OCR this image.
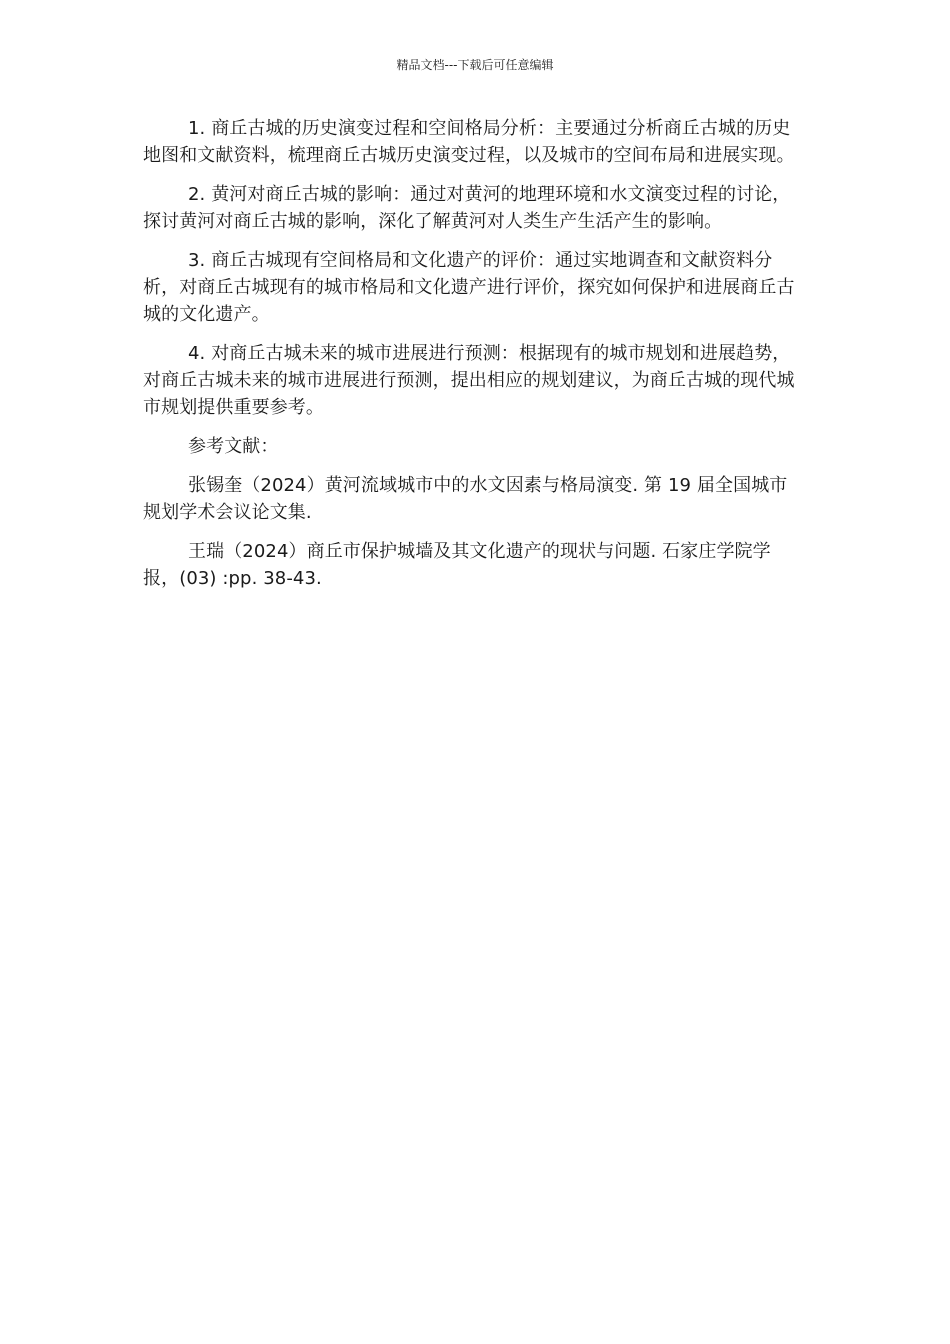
精品文档---下载后可任意编辑

1. 商丘古城的历史演变过程和空间格局分析：主要通过分析商丘古城的历史地图和文献资料，梳理商丘古城历史演变过程，以及城市的空间布局和进展实现。

2. 黄河对商丘古城的影响：通过对黄河的地理环境和水文演变过程的讨论，探讨黄河对商丘古城的影响，深化了解黄河对人类生产生活产生的影响。

3. 商丘古城现有空间格局和文化遗产的评价：通过实地调查和文献资料分析，对商丘古城现有的城市格局和文化遗产进行评价，探究如何保护和进展商丘古城的文化遗产。

4. 对商丘古城未来的城市进展进行预测：根据现有的城市规划和进展趋势，对商丘古城未来的城市进展进行预测，提出相应的规划建议，为商丘古城的现代城市规划提供重要参考。

参考文献：

张锡奎（2024）黄河流域城市中的水文因素与格局演变. 第 19 届全国城市规划学术会议论文集.

王瑞（2024）商丘市保护城墙及其文化遗产的现状与问题. 石家庄学院学报，(03) :pp. 38-43.
